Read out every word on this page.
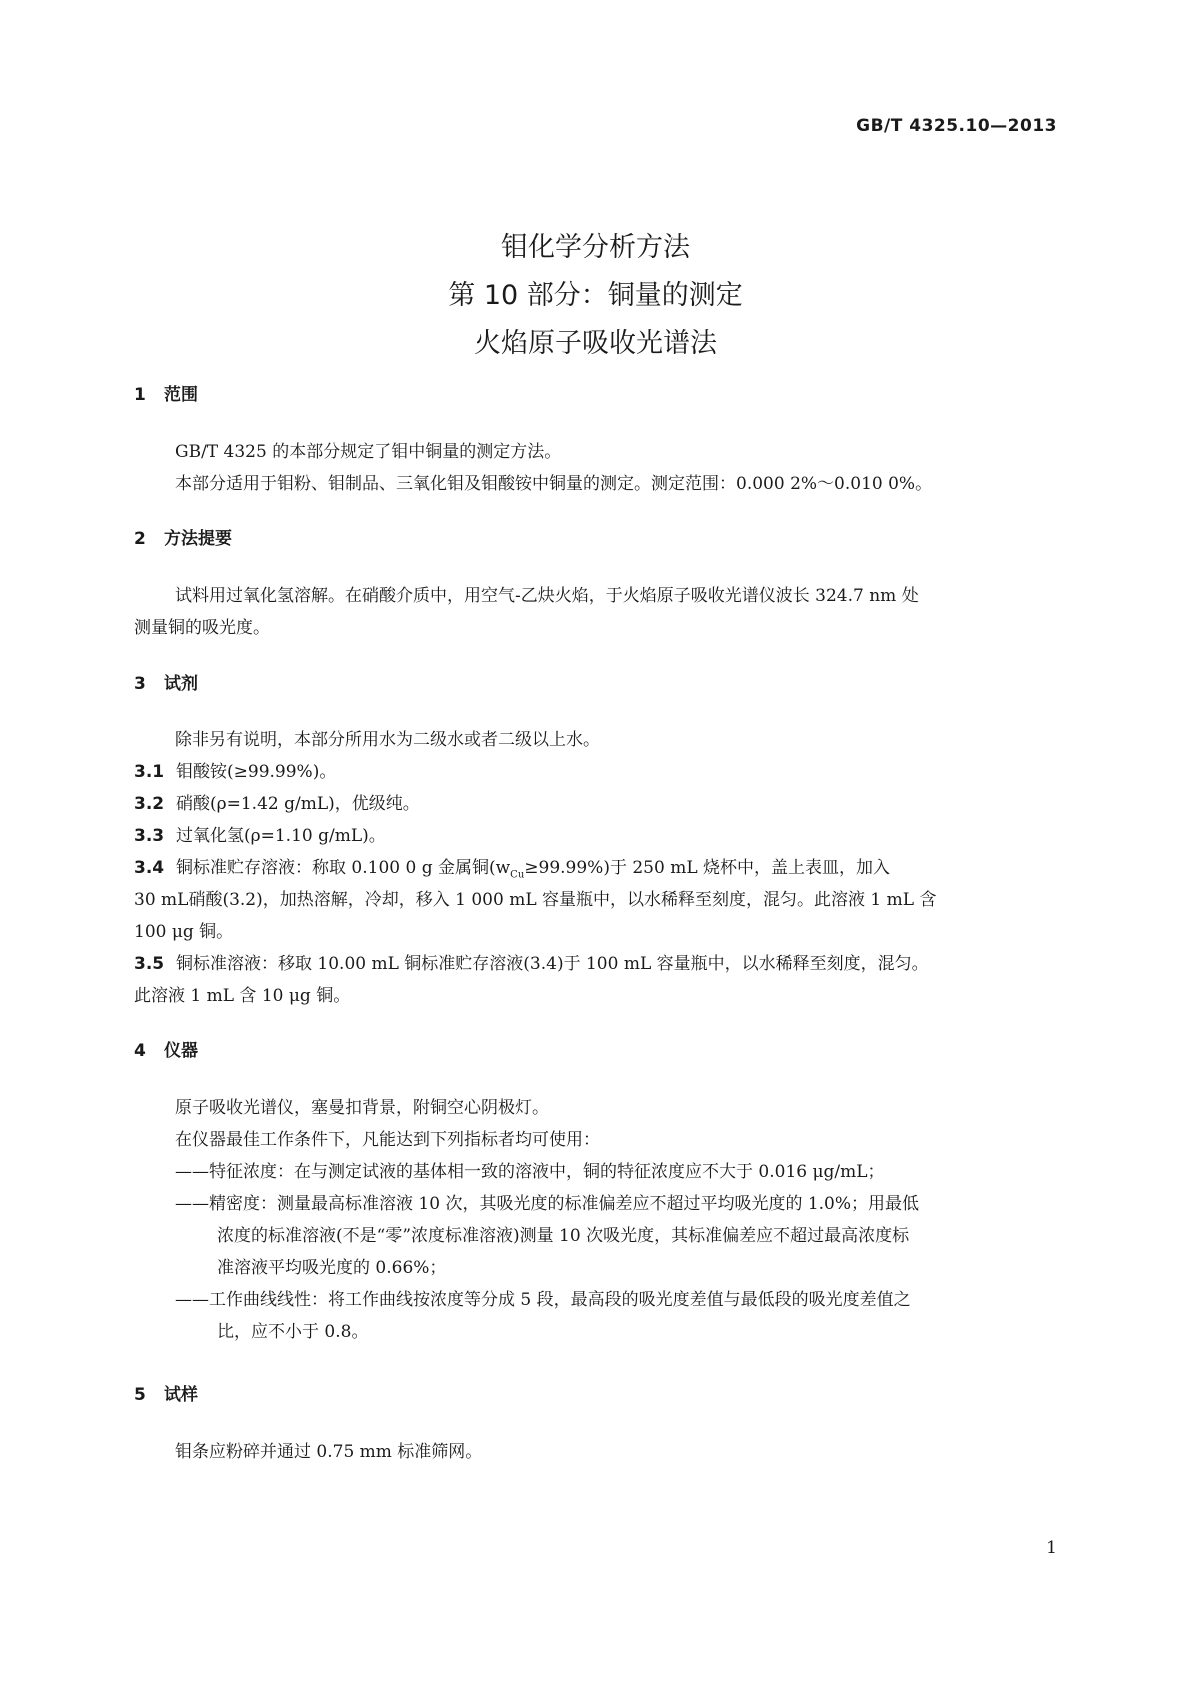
GB/T 4325.10—2013
钼化学分析方法
第 10 部分：铜量的测定
火焰原子吸收光谱法
1 范围
GB/T 4325 的本部分规定了钼中铜量的测定方法。
本部分适用于钼粉、钼制品、三氧化钼及钼酸铵中铜量的测定。测定范围：0.000 2%～0.010 0%。
2 方法提要
试料用过氧化氢溶解。在硝酸介质中，用空气-乙炔火焰，于火焰原子吸收光谱仪波长 324.7 nm 处
测量铜的吸光度。
3 试剂
除非另有说明，本部分所用水为二级水或者二级以上水。
3.1 钼酸铵(≥99.99%)。
3.2 硝酸(ρ=1.42 g/mL)，优级纯。
3.3 过氧化氢(ρ=1.10 g/mL)。
3.4 铜标准贮存溶液：称取 0.100 0 g 金属铜$(w_{Cu}\ge 99.99\%)$于 250 mL 烧杯中，盖上表皿，加入
30 mL硝酸(3.2)，加热溶解，冷却，移入 1 000 mL 容量瓶中，以水稀释至刻度，混匀。此溶液 1 mL 含
100 μg 铜。
3.5 铜标准溶液：移取 10.00 mL 铜标准贮存溶液(3.4)于 100 mL 容量瓶中，以水稀释至刻度，混匀。
此溶液 1 mL 含 10 μg 铜。
4 仪器
原子吸收光谱仪，塞曼扣背景，附铜空心阴极灯。
在仪器最佳工作条件下，凡能达到下列指标者均可使用：
——特征浓度：在与测定试液的基体相一致的溶液中，铜的特征浓度应不大于 0.016 μg/mL；
——精密度：测量最高标准溶液 10 次，其吸光度的标准偏差应不超过平均吸光度的 1.0%；用最低
浓度的标准溶液(不是“零”浓度标准溶液)测量 10 次吸光度，其标准偏差应不超过最高浓度标
准溶液平均吸光度的 0.66%；
——工作曲线线性：将工作曲线按浓度等分成 5 段，最高段的吸光度差值与最低段的吸光度差值之
比，应不小于 0.8。
5 试样
钼条应粉碎并通过 0.75 mm 标准筛网。
1
